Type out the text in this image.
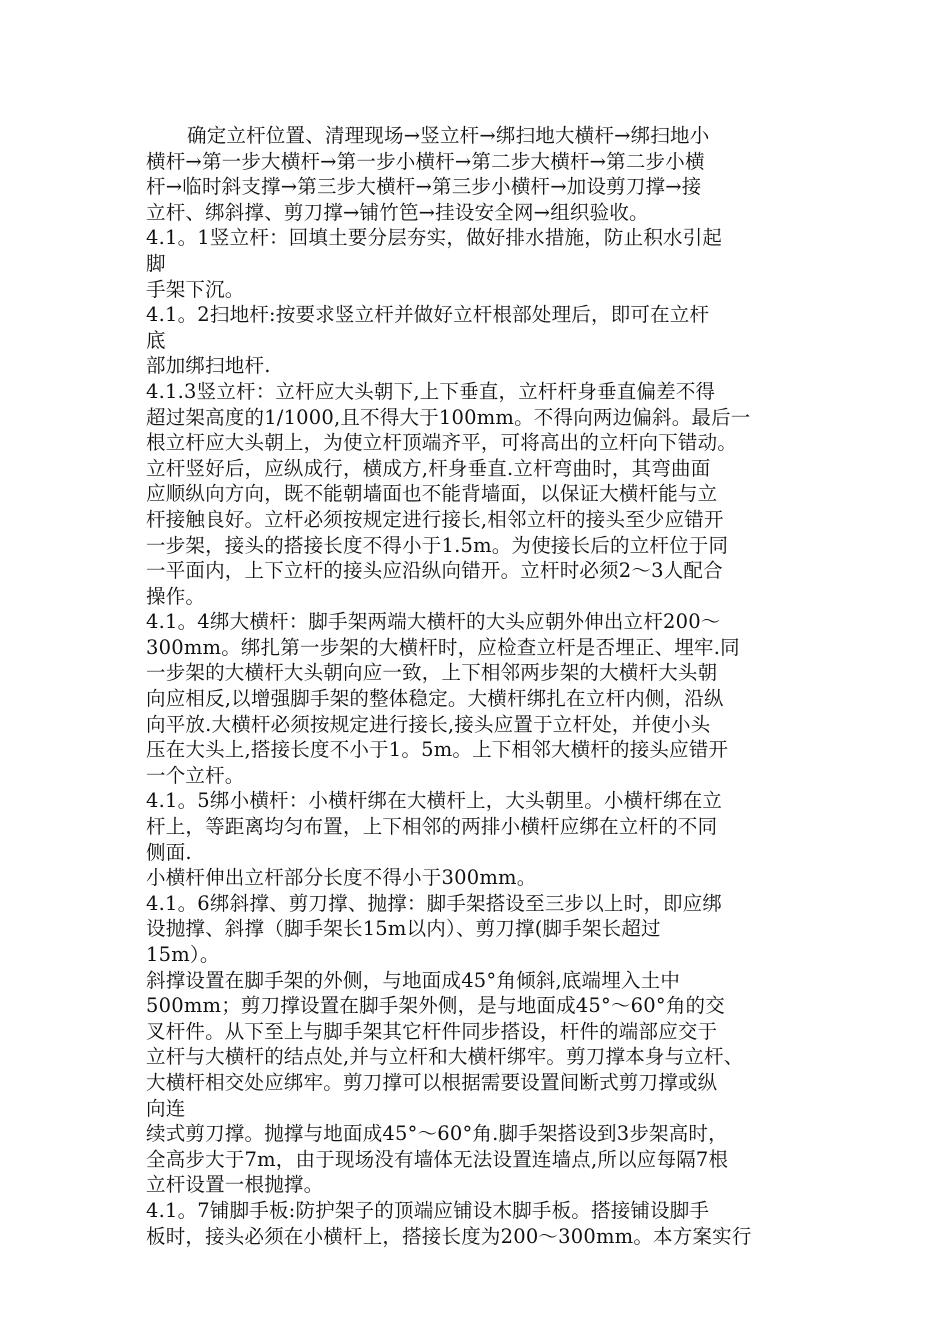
确定立杆位置、清理现场→竖立杆→绑扫地大横杆→绑扫地小
横杆→第一步大横杆→第一步小横杆→第二步大横杆→第二步小横
杆→临时斜支撑→第三步大横杆→第三步小横杆→加设剪刀撑→接
立杆、绑斜撑、剪刀撑→铺竹笆→挂设安全网→组织验收。
4.1。1竖立杆：回填土要分层夯实，做好排水措施，防止积水引起
脚
手架下沉。
4.1。2扫地杆:按要求竖立杆并做好立杆根部处理后，即可在立杆
底
部加绑扫地杆.
4.1.3竖立杆：立杆应大头朝下,上下垂直，立杆杆身垂直偏差不得
超过架高度的1/1000,且不得大于100mm。不得向两边偏斜。最后一
根立杆应大头朝上，为使立杆顶端齐平，可将高出的立杆向下错动。
立杆竖好后，应纵成行，横成方,杆身垂直.立杆弯曲时，其弯曲面
应顺纵向方向，既不能朝墙面也不能背墙面，以保证大横杆能与立
杆接触良好。立杆必须按规定进行接长,相邻立杆的接头至少应错开
一步架，接头的搭接长度不得小于1.5m。为使接长后的立杆位于同
一平面内，上下立杆的接头应沿纵向错开。立杆时必须2～3人配合
操作。
4.1。4绑大横杆：脚手架两端大横杆的大头应朝外伸出立杆200～
300mm。绑扎第一步架的大横杆时，应检查立杆是否埋正、埋牢.同
一步架的大横杆大头朝向应一致，上下相邻两步架的大横杆大头朝
向应相反,以增强脚手架的整体稳定。大横杆绑扎在立杆内侧，沿纵
向平放.大横杆必须按规定进行接长,接头应置于立杆处，并使小头
压在大头上,搭接长度不小于1。5m。上下相邻大横杆的接头应错开
一个立杆。
4.1。5绑小横杆：小横杆绑在大横杆上，大头朝里。小横杆绑在立
杆上，等距离均匀布置，上下相邻的两排小横杆应绑在立杆的不同
侧面.
小横杆伸出立杆部分长度不得小于300mm。
4.1。6绑斜撑、剪刀撑、抛撑：脚手架搭设至三步以上时，即应绑
设抛撑、斜撑（脚手架长15m以内）、剪刀撑(脚手架长超过
15m）。
斜撑设置在脚手架的外侧，与地面成45°角倾斜,底端埋入土中
500mm；剪刀撑设置在脚手架外侧，是与地面成45°～60°角的交
叉杆件。从下至上与脚手架其它杆件同步搭设，杆件的端部应交于
立杆与大横杆的结点处,并与立杆和大横杆绑牢。剪刀撑本身与立杆、
大横杆相交处应绑牢。剪刀撑可以根据需要设置间断式剪刀撑或纵
向连
续式剪刀撑。抛撑与地面成45°～60°角.脚手架搭设到3步架高时，
全高步大于7m，由于现场没有墙体无法设置连墙点,所以应每隔7根
立杆设置一根抛撑。
4.1。7铺脚手板:防护架子的顶端应铺设木脚手板。搭接铺设脚手
板时，接头必须在小横杆上，搭接长度为200～300mm。本方案实行
